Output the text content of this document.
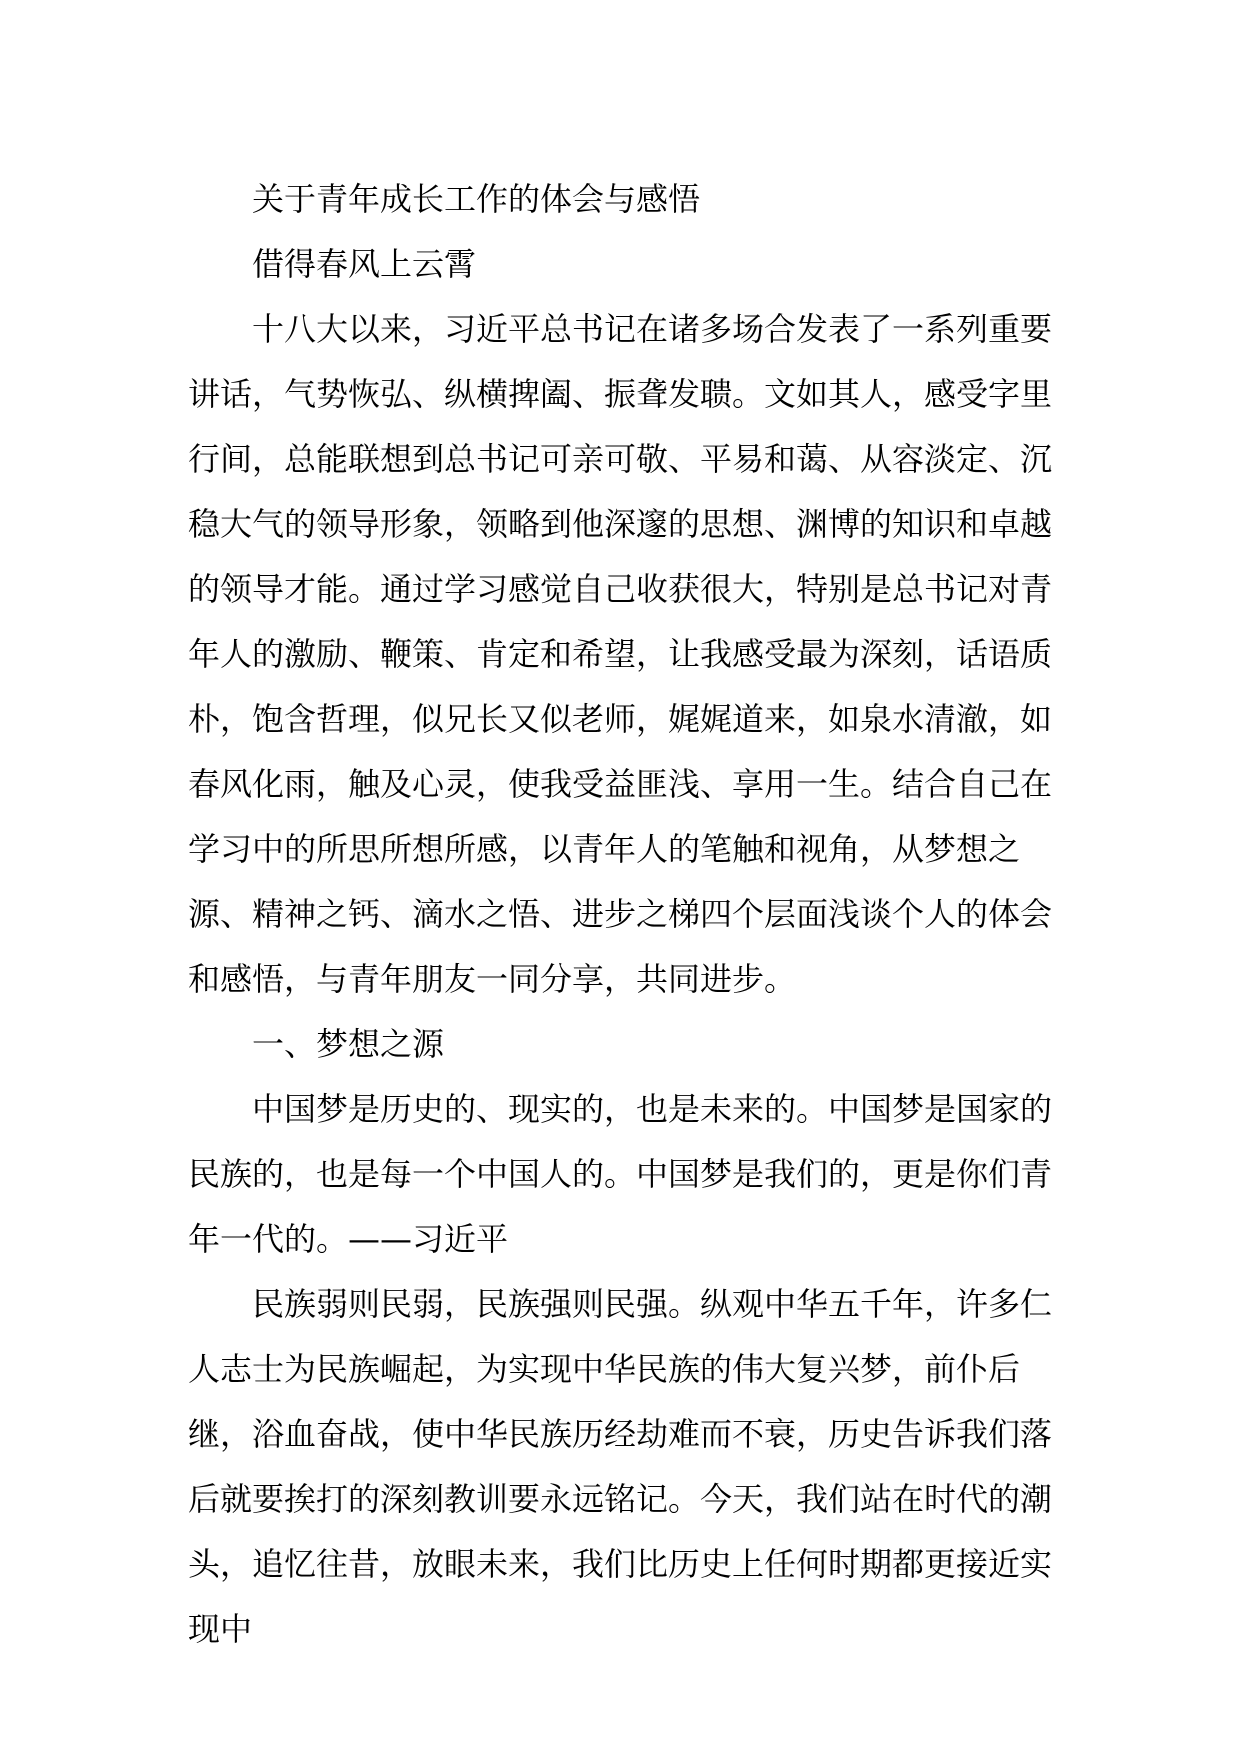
关于青年成长工作的体会与感悟

借得春风上云霄

十八大以来，习近平总书记在诸多场合发表了一系列重要讲话，气势恢弘、纵横捭阖、振聋发聩。文如其人，感受字里行间，总能联想到总书记可亲可敬、平易和蔼、从容淡定、沉稳大气的领导形象，领略到他深邃的思想、渊博的知识和卓越的领导才能。通过学习感觉自己收获很大，特别是总书记对青年人的激励、鞭策、肯定和希望，让我感受最为深刻，话语质朴，饱含哲理，似兄长又似老师，娓娓道来，如泉水清澈，如春风化雨，触及心灵，使我受益匪浅、享用一生。结合自己在学习中的所思所想所感，以青年人的笔触和视角，从梦想之源、精神之钙、滴水之悟、进步之梯四个层面浅谈个人的体会和感悟，与青年朋友一同分享，共同进步。

一、梦想之源

中国梦是历史的、现实的，也是未来的。中国梦是国家的民族的，也是每一个中国人的。中国梦是我们的，更是你们青年一代的。——习近平

民族弱则民弱，民族强则民强。纵观中华五千年，许多仁人志士为民族崛起，为实现中华民族的伟大复兴梦，前仆后继，浴血奋战，使中华民族历经劫难而不衰，历史告诉我们落后就要挨打的深刻教训要永远铭记。今天，我们站在时代的潮头，追忆往昔，放眼未来，我们比历史上任何时期都更接近实现中
